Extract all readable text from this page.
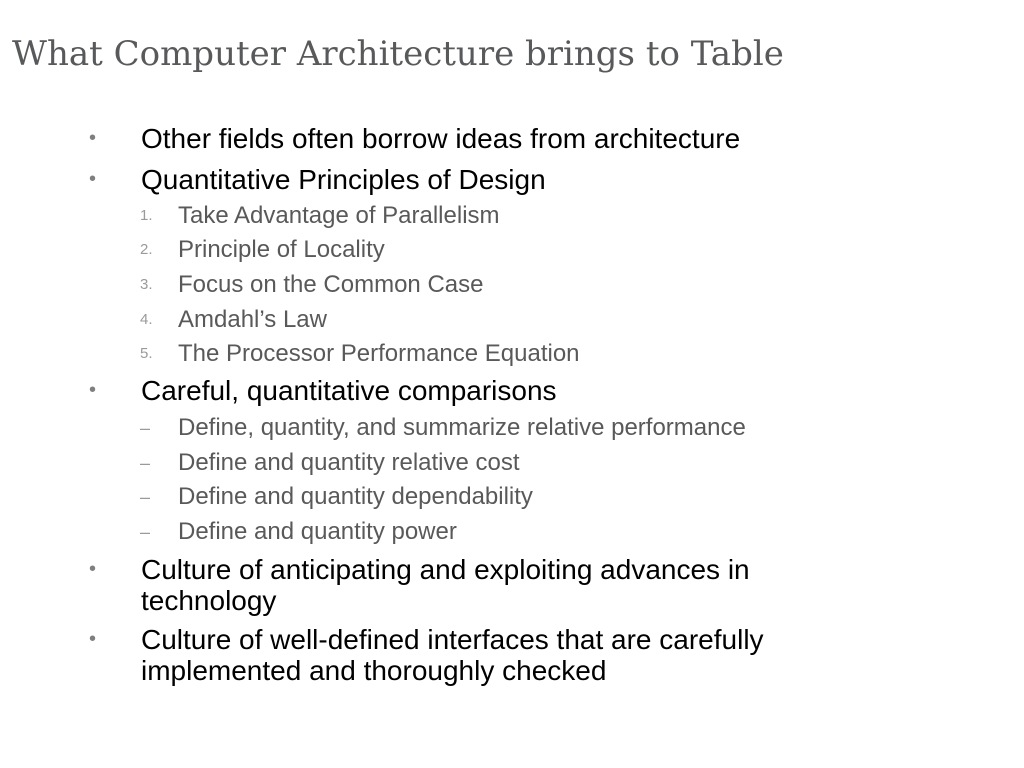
What Computer Architecture brings to Table
• Other fields often borrow ideas from architecture
• Quantitative Principles of Design
1. Take Advantage of Parallelism
2. Principle of Locality
3. Focus on the Common Case
4. Amdahl’s Law
5. The Processor Performance Equation
• Careful, quantitative comparisons
– Define, quantity, and summarize relative performance
– Define and quantity relative cost
– Define and quantity dependability
– Define and quantity power
• Culture of anticipating and exploiting advances in
technology
• Culture of well-defined interfaces that are carefully
implemented and thoroughly checked
